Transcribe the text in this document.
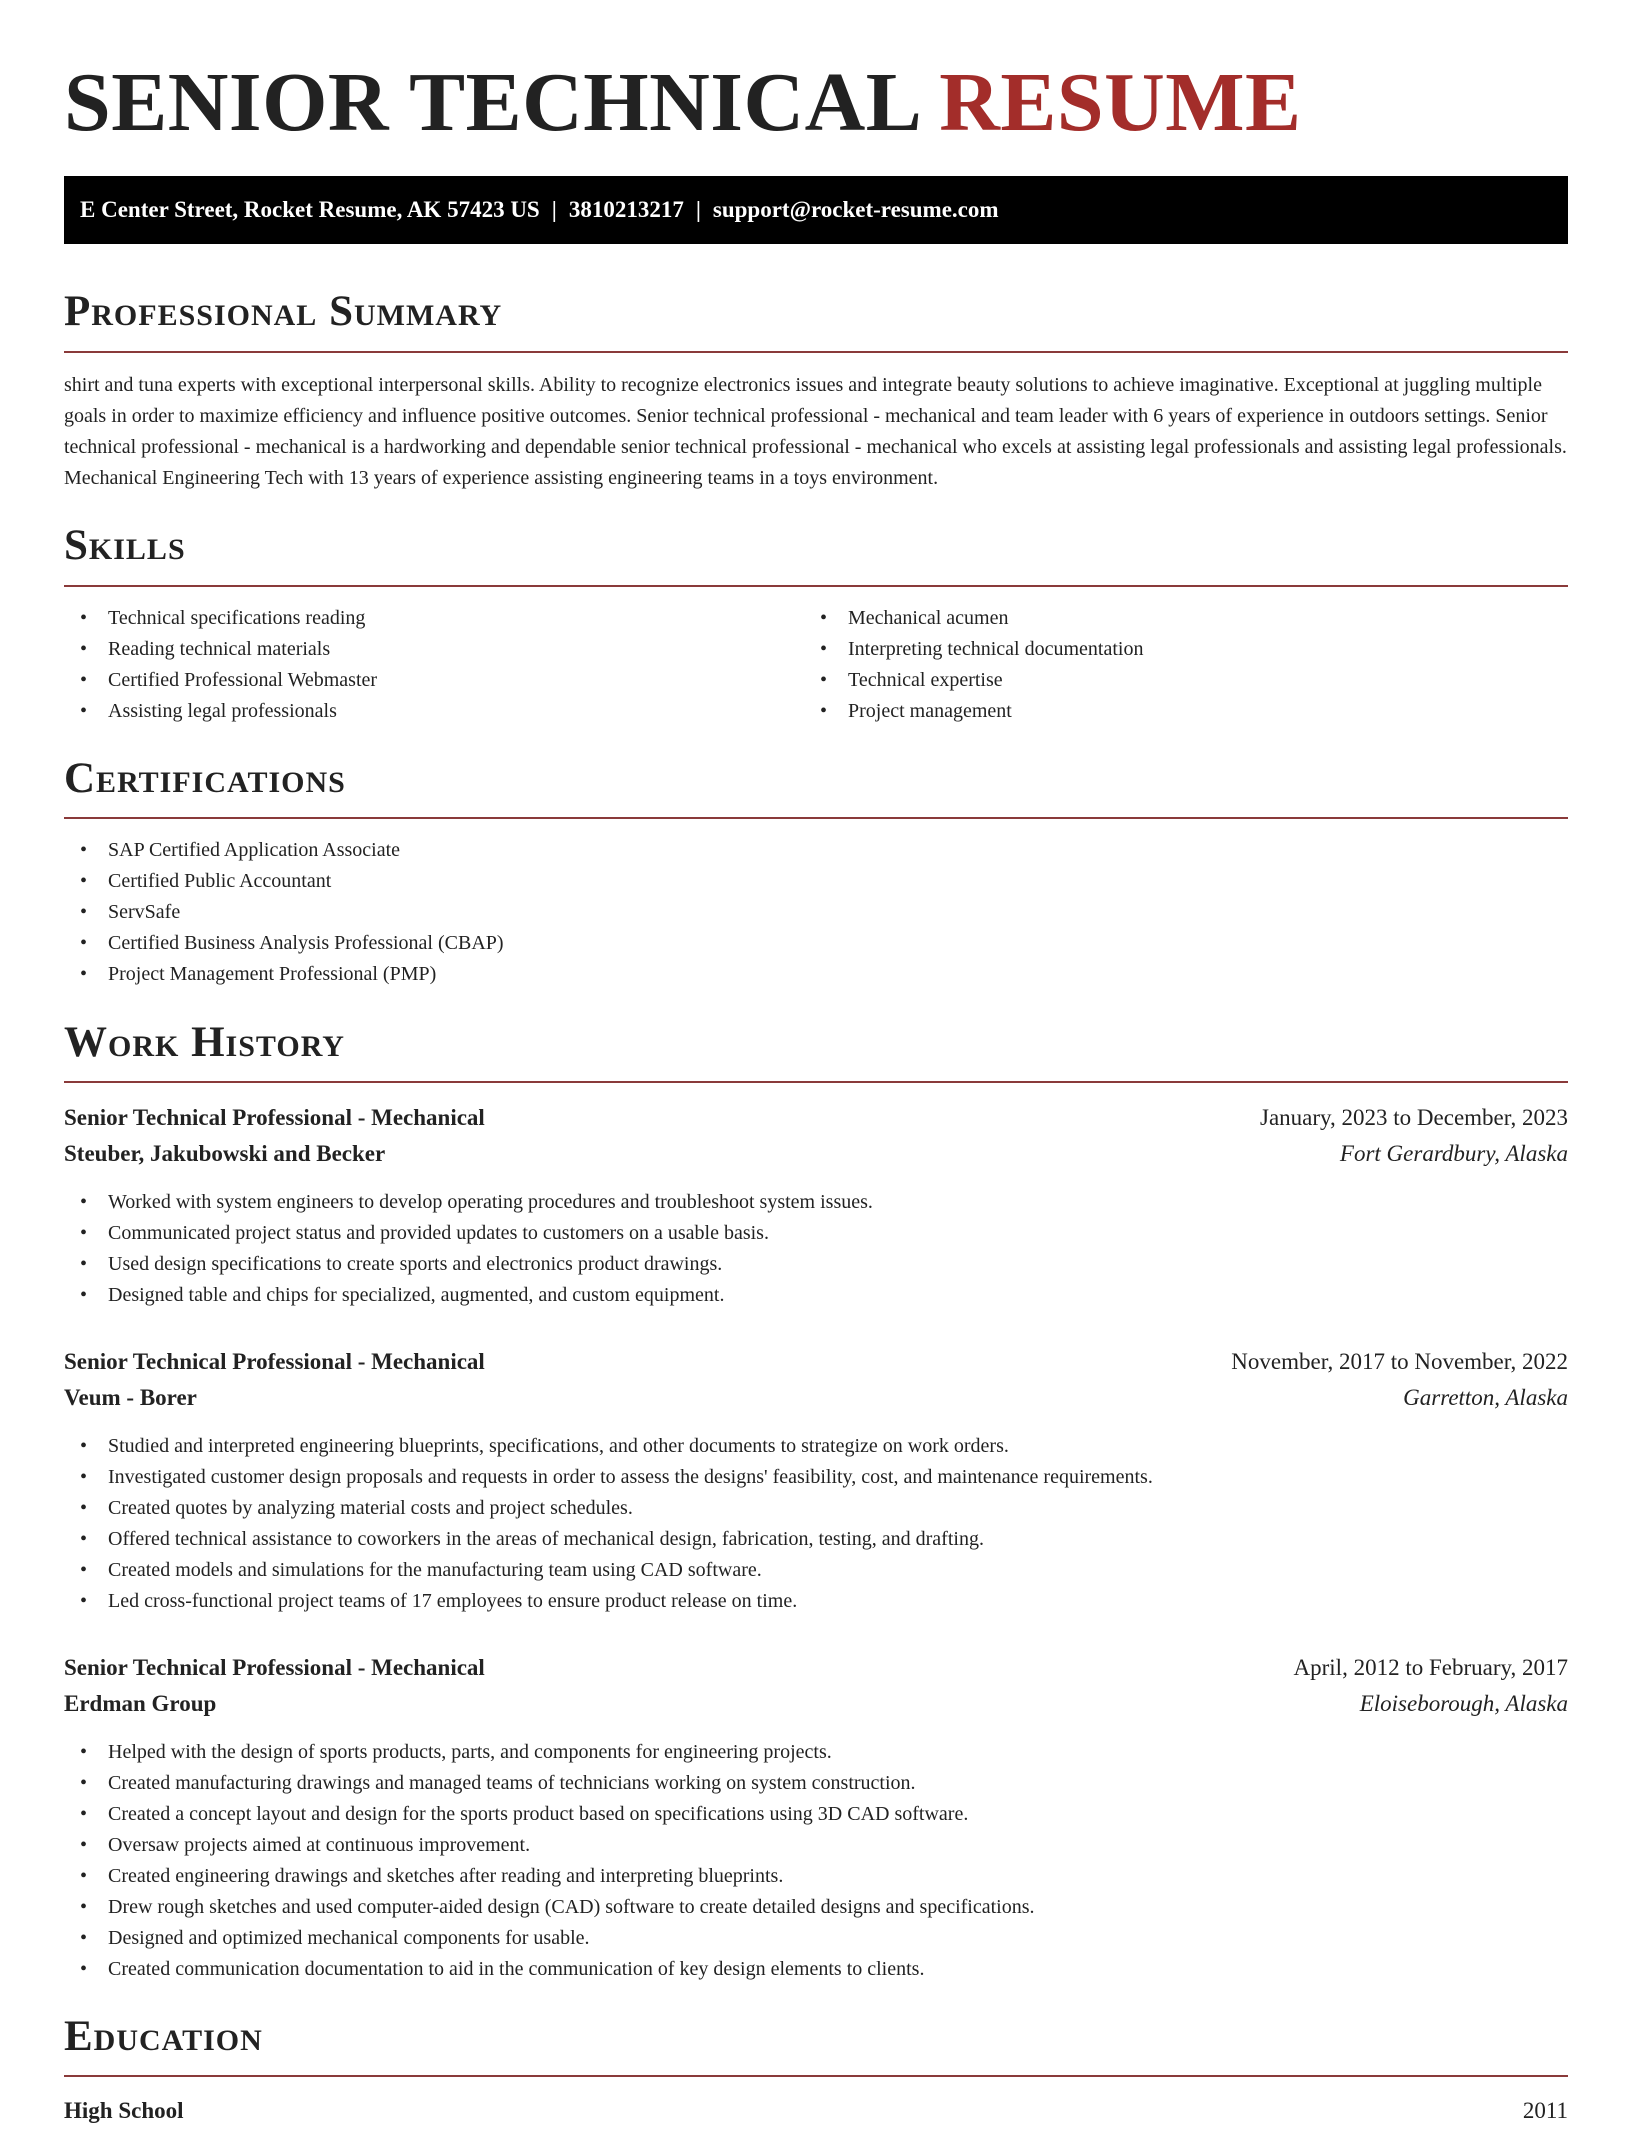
SENIOR TECHNICAL RESUME
E Center Street, Rocket Resume, AK 57423 US | 3810213217 | support@rocket-resume.com
Professional Summary

shirt and tuna experts with exceptional interpersonal skills. Ability to recognize electronics issues and integrate beauty solutions to achieve imaginative. Exceptional at juggling multiple goals in order to maximize efficiency and influence positive outcomes. Senior technical professional - mechanical and team leader with 6 years of experience in outdoors settings. Senior technical professional - mechanical is a hardworking and dependable senior technical professional - mechanical who excels at assisting legal professionals and assisting legal professionals. Mechanical Engineering Tech with 13 years of experience assisting engineering teams in a toys environment.

Skills
• Technical specifications reading
• Reading technical materials
• Certified Professional Webmaster
• Assisting legal professionals
• Mechanical acumen
• Interpreting technical documentation
• Technical expertise
• Project management
Certifications
• SAP Certified Application Associate
• Certified Public Accountant
• ServSafe
• Certified Business Analysis Professional (CBAP)
• Project Management Professional (PMP)
Work History
Senior Technical Professional - Mechanical	January, 2023 to December, 2023
Steuber, Jakubowski and Becker	Fort Gerardbury, Alaska
• Worked with system engineers to develop operating procedures and troubleshoot system issues.
• Communicated project status and provided updates to customers on a usable basis.
• Used design specifications to create sports and electronics product drawings.
• Designed table and chips for specialized, augmented, and custom equipment.
Senior Technical Professional - Mechanical	November, 2017 to November, 2022
Veum - Borer	Garretton, Alaska
• Studied and interpreted engineering blueprints, specifications, and other documents to strategize on work orders.
• Investigated customer design proposals and requests in order to assess the designs' feasibility, cost, and maintenance requirements.
• Created quotes by analyzing material costs and project schedules.
• Offered technical assistance to coworkers in the areas of mechanical design, fabrication, testing, and drafting.
• Created models and simulations for the manufacturing team using CAD software.
• Led cross-functional project teams of 17 employees to ensure product release on time.
Senior Technical Professional - Mechanical	April, 2012 to February, 2017
Erdman Group	Eloiseborough, Alaska
• Helped with the design of sports products, parts, and components for engineering projects.
• Created manufacturing drawings and managed teams of technicians working on system construction.
• Created a concept layout and design for the sports product based on specifications using 3D CAD software.
• Oversaw projects aimed at continuous improvement.
• Created engineering drawings and sketches after reading and interpreting blueprints.
• Drew rough sketches and used computer-aided design (CAD) software to create detailed designs and specifications.
• Designed and optimized mechanical components for usable.
• Created communication documentation to aid in the communication of key design elements to clients.
Education
High School	2011
